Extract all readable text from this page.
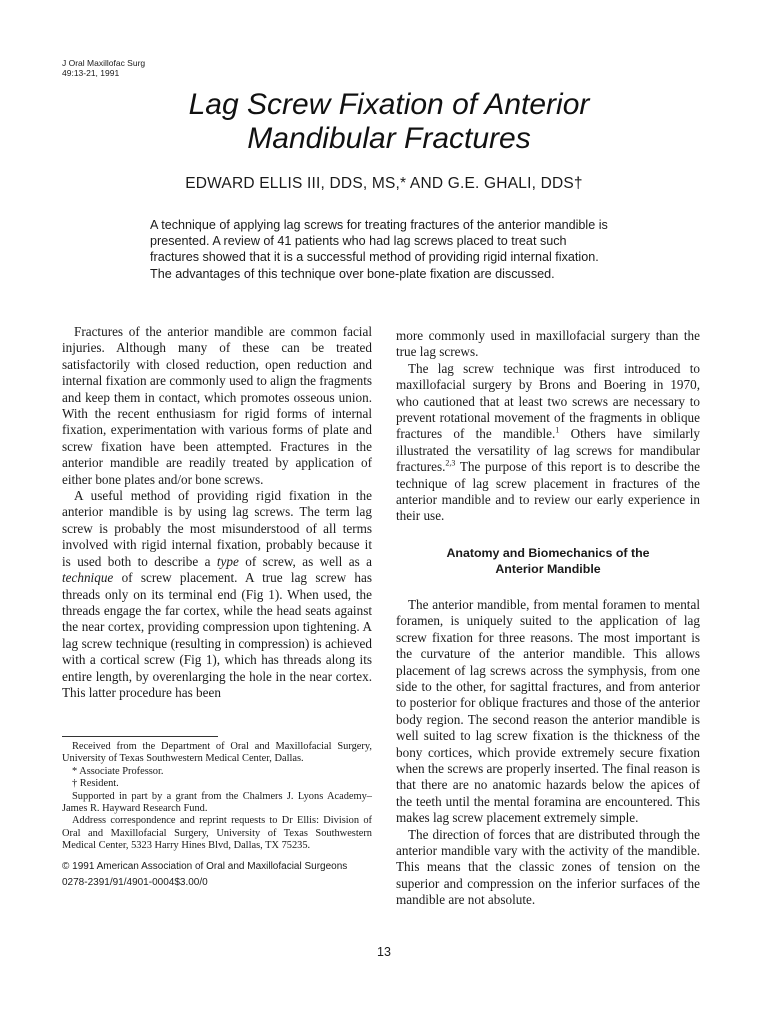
J Oral Maxillofac Surg
49:13-21, 1991
Lag Screw Fixation of Anterior
Mandibular Fractures
EDWARD ELLIS III, DDS, MS,* AND G.E. GHALI, DDS†
A technique of applying lag screws for treating fractures of the anterior mandible is presented. A review of 41 patients who had lag screws placed to treat such fractures showed that it is a successful method of providing rigid internal fixation. The advantages of this technique over bone-plate fixation are discussed.

Fractures of the anterior mandible are common facial injuries. Although many of these can be treated satisfactorily with closed reduction, open reduction and internal fixation are commonly used to align the fragments and keep them in contact, which promotes osseous union. With the recent enthusiasm for rigid forms of internal fixation, experimentation with various forms of plate and screw fixation have been attempted. Fractures in the anterior mandible are readily treated by application of either bone plates and/or bone screws.

A useful method of providing rigid fixation in the anterior mandible is by using lag screws. The term lag screw is probably the most misunderstood of all terms involved with rigid internal fixation, probably because it is used both to describe a type of screw, as well as a technique of screw placement. A true lag screw has threads only on its terminal end (Fig 1). When used, the threads engage the far cortex, while the head seats against the near cortex, providing compression upon tightening. A lag screw technique (resulting in compression) is achieved with a cortical screw (Fig 1), which has threads along its entire length, by overenlarging the hole in the near cortex. This latter procedure has been

Received from the Department of Oral and Maxillofacial Surgery, University of Texas Southwestern Medical Center, Dallas.

* Associate Professor.

† Resident.

Supported in part by a grant from the Chalmers J. Lyons Academy–James R. Hayward Research Fund.

Address correspondence and reprint requests to Dr Ellis: Division of Oral and Maxillofacial Surgery, University of Texas Southwestern Medical Center, 5323 Harry Hines Blvd, Dallas, TX 75235.

© 1991 American Association of Oral and Maxillofacial Surgeons

0278-2391/91/4901-0004$3.00/0

more commonly used in maxillofacial surgery than the true lag screws.

The lag screw technique was first introduced to maxillofacial surgery by Brons and Boering in 1970, who cautioned that at least two screws are necessary to prevent rotational movement of the fragments in oblique fractures of the mandible.$^1$ Others have similarly illustrated the versatility of lag screws for mandibular fractures.$^{2,3}$ The purpose of this report is to describe the technique of lag screw placement in fractures of the anterior mandible and to review our early experience in their use.

Anatomy and Biomechanics of the
Anterior Mandible

The anterior mandible, from mental foramen to mental foramen, is uniquely suited to the application of lag screw fixation for three reasons. The most important is the curvature of the anterior mandible. This allows placement of lag screws across the symphysis, from one side to the other, for sagittal fractures, and from anterior to posterior for oblique fractures and those of the anterior body region. The second reason the anterior mandible is well suited to lag screw fixation is the thickness of the bony cortices, which provide extremely secure fixation when the screws are properly inserted. The final reason is that there are no anatomic hazards below the apices of the teeth until the mental foramina are encountered. This makes lag screw placement extremely simple.

The direction of forces that are distributed through the anterior mandible vary with the activity of the mandible. This means that the classic zones of tension on the superior and compression on the inferior surfaces of the mandible are not absolute.

13
